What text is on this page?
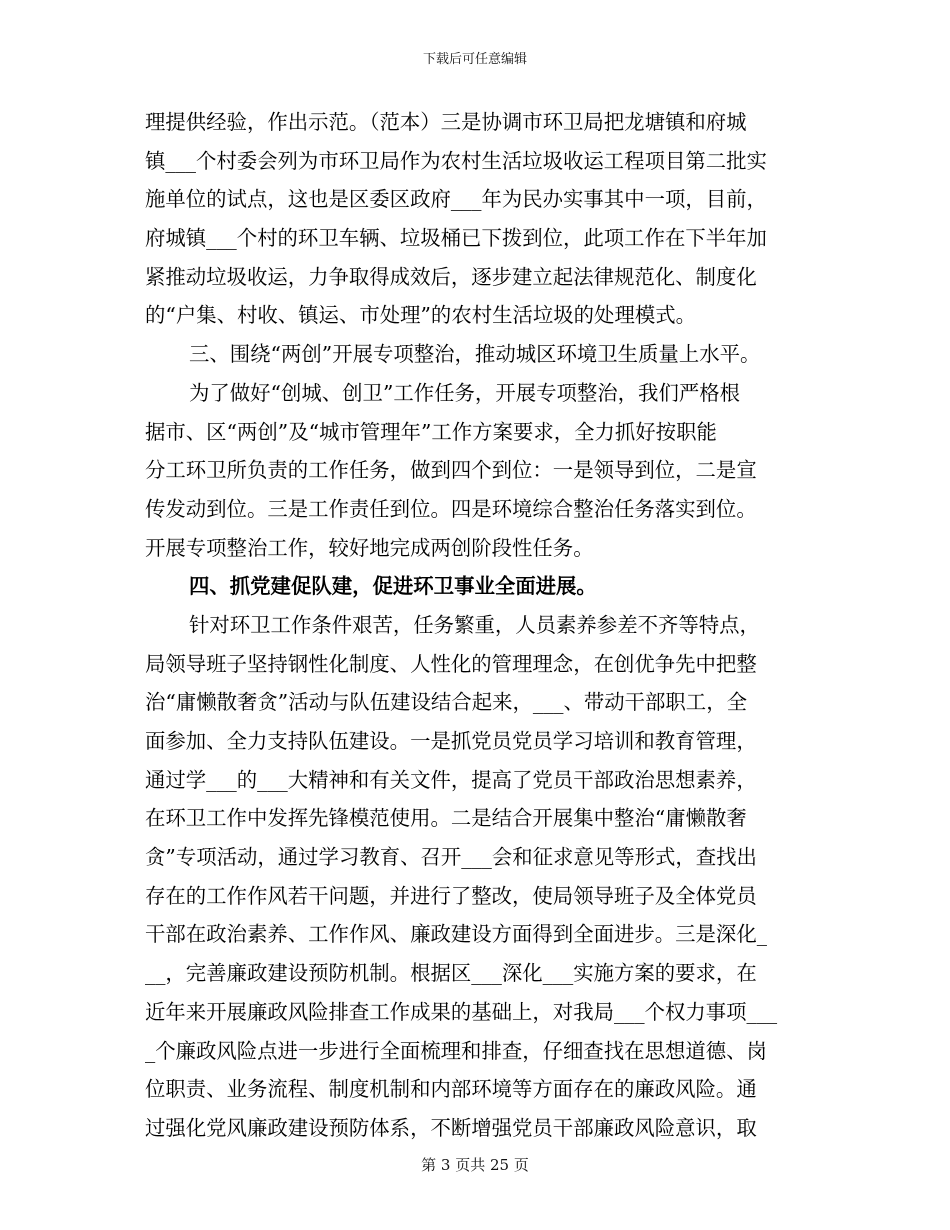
下载后可任意编辑
理提供经验，作出示范。（范本）三是协调市环卫局把龙塘镇和府城
镇___个村委会列为市环卫局作为农村生活垃圾收运工程项目第二批实
施单位的试点，这也是区委区政府___年为民办实事其中一项，目前，
府城镇___个村的环卫车辆、垃圾桶已下拨到位，此项工作在下半年加
紧推动垃圾收运，力争取得成效后，逐步建立起法律规范化、制度化
的“户集、村收、镇运、市处理”的农村生活垃圾的处理模式。
三、围绕“两创”开展专项整治，推动城区环境卫生质量上水平。
为了做好“创城、创卫”工作任务，开展专项整治，我们严格根
据市、区“两创”及“城市管理年”工作方案要求，全力抓好按职能
分工环卫所负责的工作任务，做到四个到位：一是领导到位，二是宣
传发动到位。三是工作责任到位。四是环境综合整治任务落实到位。
开展专项整治工作，较好地完成两创阶段性任务。
四、抓党建促队建，促进环卫事业全面进展。
针对环卫工作条件艰苦，任务繁重，人员素养参差不齐等特点，
局领导班子坚持钢性化制度、人性化的管理理念，在创优争先中把整
治“庸懒散奢贪”活动与队伍建设结合起来，___、带动干部职工，全
面参加、全力支持队伍建设。一是抓党员党员学习培训和教育管理，
通过学___的___大精神和有关文件，提高了党员干部政治思想素养，
在环卫工作中发挥先锋模范使用。二是结合开展集中整治“庸懒散奢
贪”专项活动，通过学习教育、召开___会和征求意见等形式，查找出
存在的工作作风若干问题，并进行了整改，使局领导班子及全体党员
干部在政治素养、工作作风、廉政建设方面得到全面进步。三是深化_
__，完善廉政建设预防机制。根据区___深化___实施方案的要求，在
近年来开展廉政风险排查工作成果的基础上，对我局___个权力事项___
_个廉政风险点进一步进行全面梳理和排查，仔细查找在思想道德、岗
位职责、业务流程、制度机制和内部环境等方面存在的廉政风险。通
过强化党风廉政建设预防体系，不断增强党员干部廉政风险意识，取
第 3 页共 25 页
